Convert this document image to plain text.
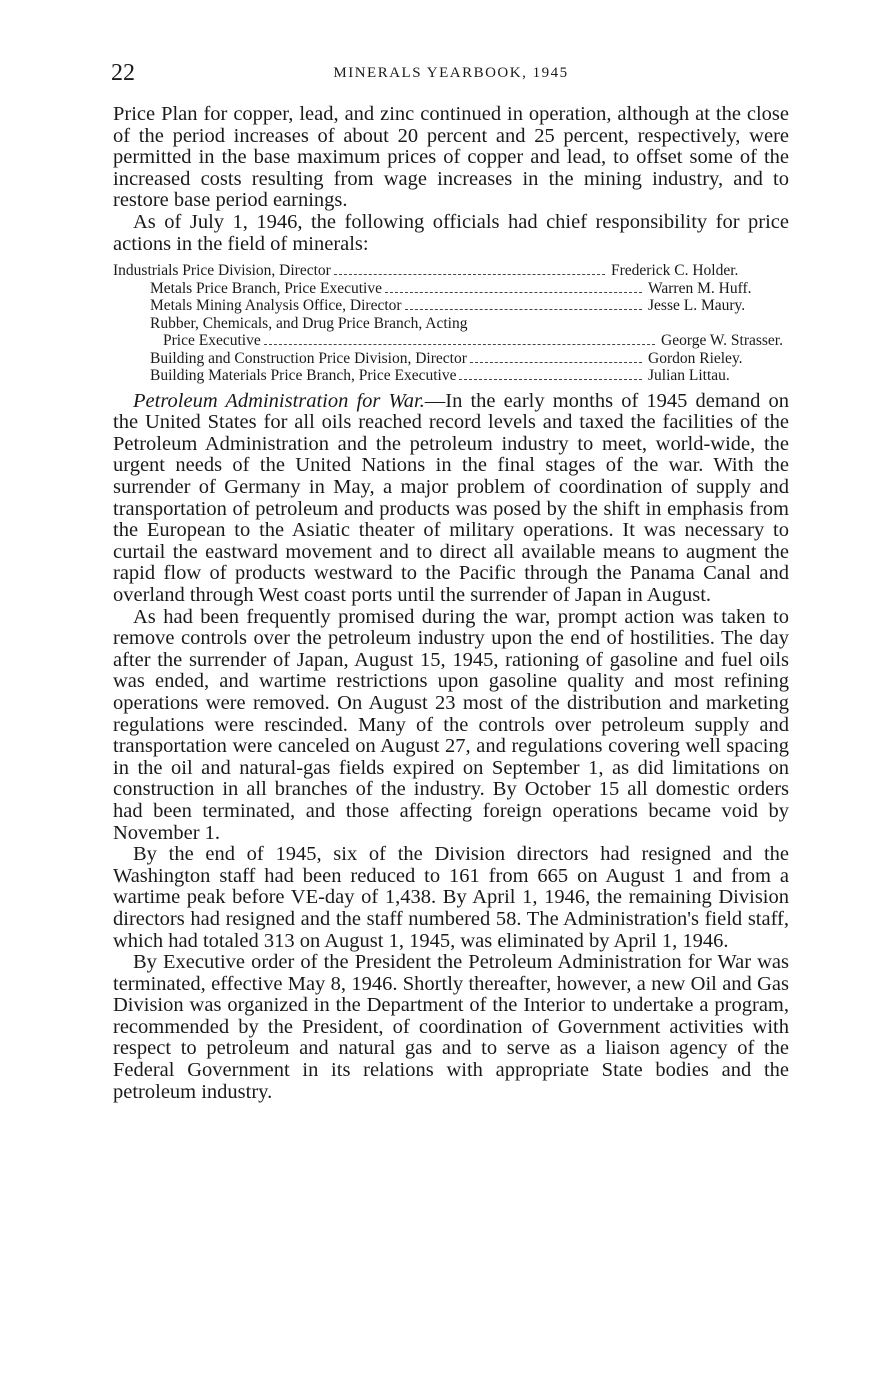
22	MINERALS YEARBOOK, 1945

Price Plan for copper, lead, and zinc continued in operation, although at the close of the period increases of about 20 percent and 25 percent, respectively, were permitted in the base maximum prices of copper and lead, to offset some of the increased costs resulting from wage increases in the mining industry, and to restore base period earnings.

As of July 1, 1946, the following officials had chief responsibility for price actions in the field of minerals:

Industrials Price Division, Director	Frederick C. Holder.
Metals Price Branch, Price Executive	Warren M. Huff.
Metals Mining Analysis Office, Director	Jesse L. Maury.
Rubber, Chemicals, and Drug Price Branch, Acting
Price Executive	George W. Strasser.
Building and Construction Price Division, Director	Gordon Rieley.
Building Materials Price Branch, Price Executive	Julian Littau.

Petroleum Administration for War.—In the early months of 1945 demand on the United States for all oils reached record levels and taxed the facilities of the Petroleum Administration and the petroleum industry to meet, world-wide, the urgent needs of the United Nations in the final stages of the war. With the surrender of Germany in May, a major problem of coordination of supply and transportation of petroleum and products was posed by the shift in emphasis from the European to the Asiatic theater of military operations. It was necessary to curtail the eastward movement and to direct all available means to augment the rapid flow of products westward to the Pacific through the Panama Canal and overland through West coast ports until the surrender of Japan in August.

As had been frequently promised during the war, prompt action was taken to remove controls over the petroleum industry upon the end of hostilities. The day after the surrender of Japan, August 15, 1945, rationing of gasoline and fuel oils was ended, and wartime restrictions upon gasoline quality and most refining operations were removed. On August 23 most of the distribution and marketing regulations were rescinded. Many of the controls over petroleum supply and transportation were canceled on August 27, and regulations covering well spacing in the oil and natural-gas fields expired on September 1, as did limitations on construction in all branches of the industry. By October 15 all domestic orders had been terminated, and those affecting foreign operations became void by November 1.

By the end of 1945, six of the Division directors had resigned and the Washington staff had been reduced to 161 from 665 on August 1 and from a wartime peak before VE-day of 1,438. By April 1, 1946, the remaining Division directors had resigned and the staff numbered 58. The Administration's field staff, which had totaled 313 on August 1, 1945, was eliminated by April 1, 1946.

By Executive order of the President the Petroleum Administration for War was terminated, effective May 8, 1946. Shortly thereafter, however, a new Oil and Gas Division was organized in the Department of the Interior to undertake a program, recommended by the President, of coordination of Government activities with respect to petroleum and natural gas and to serve as a liaison agency of the Federal Government in its relations with appropriate State bodies and the petroleum industry.
